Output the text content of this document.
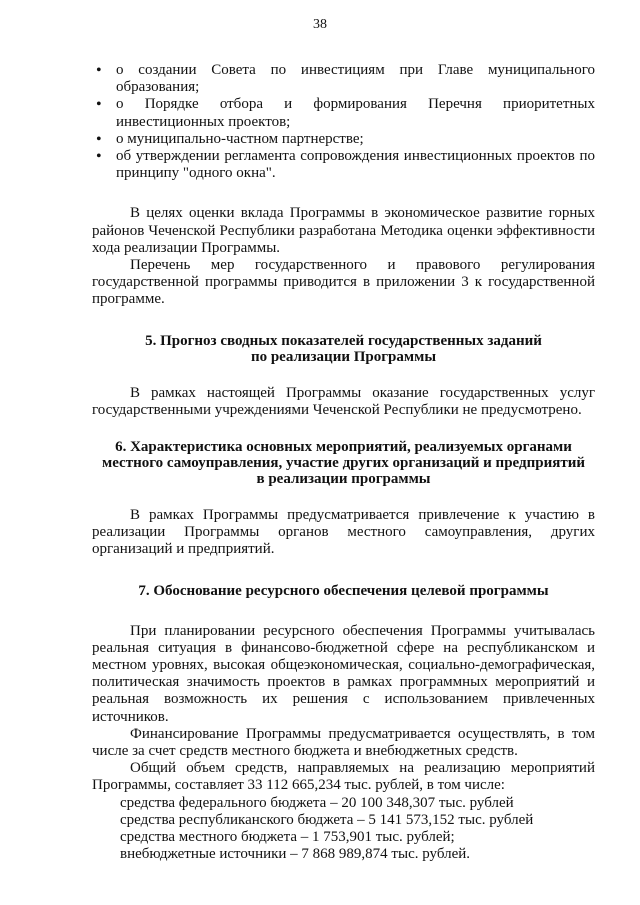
38
• о создании Совета по инвестициям при Главе муниципального образования;
• о Порядке отбора и формирования Перечня приоритетных инвестиционных проектов;
• о муниципально-частном партнерстве;
• об утверждении регламента сопровождения инвестиционных проектов по принципу "одного окна".

В целях оценки вклада Программы в экономическое развитие горных районов Чеченской Республики разработана Методика оценки эффективности хода реализации Программы.

Перечень мер государственного и правового регулирования государственной программы приводится в приложении 3 к государственной программе.

5. Прогноз сводных показателей государственных заданий
по реализации Программы

В рамках настоящей Программы оказание государственных услуг государственными учреждениями Чеченской Республики не предусмотрено.

6. Характеристика основных мероприятий, реализуемых органами
местного самоуправления, участие других организаций и предприятий
в реализации программы

В рамках Программы предусматривается привлечение к участию в реализации Программы органов местного самоуправления, других организаций и предприятий.

7. Обоснование ресурсного обеспечения целевой программы

При планировании ресурсного обеспечения Программы учитывалась реальная ситуация в финансово-бюджетной сфере на республиканском и местном уровнях, высокая общеэкономическая, социально-демографическая, политическая значимость проектов в рамках программных мероприятий и реальная возможность их решения с использованием привлеченных источников.

Финансирование Программы предусматривается осуществлять, в том числе за счет средств местного бюджета и внебюджетных средств.

Общий объем средств, направляемых на реализацию мероприятий Программы, составляет 33 112 665,234 тыс. рублей, в том числе:

средства федерального бюджета – 20 100 348,307 тыс. рублей
средства республиканского бюджета – 5 141 573,152 тыс. рублей
средства местного бюджета – 1 753,901 тыс. рублей;
внебюджетные источники – 7 868 989,874 тыс. рублей.
